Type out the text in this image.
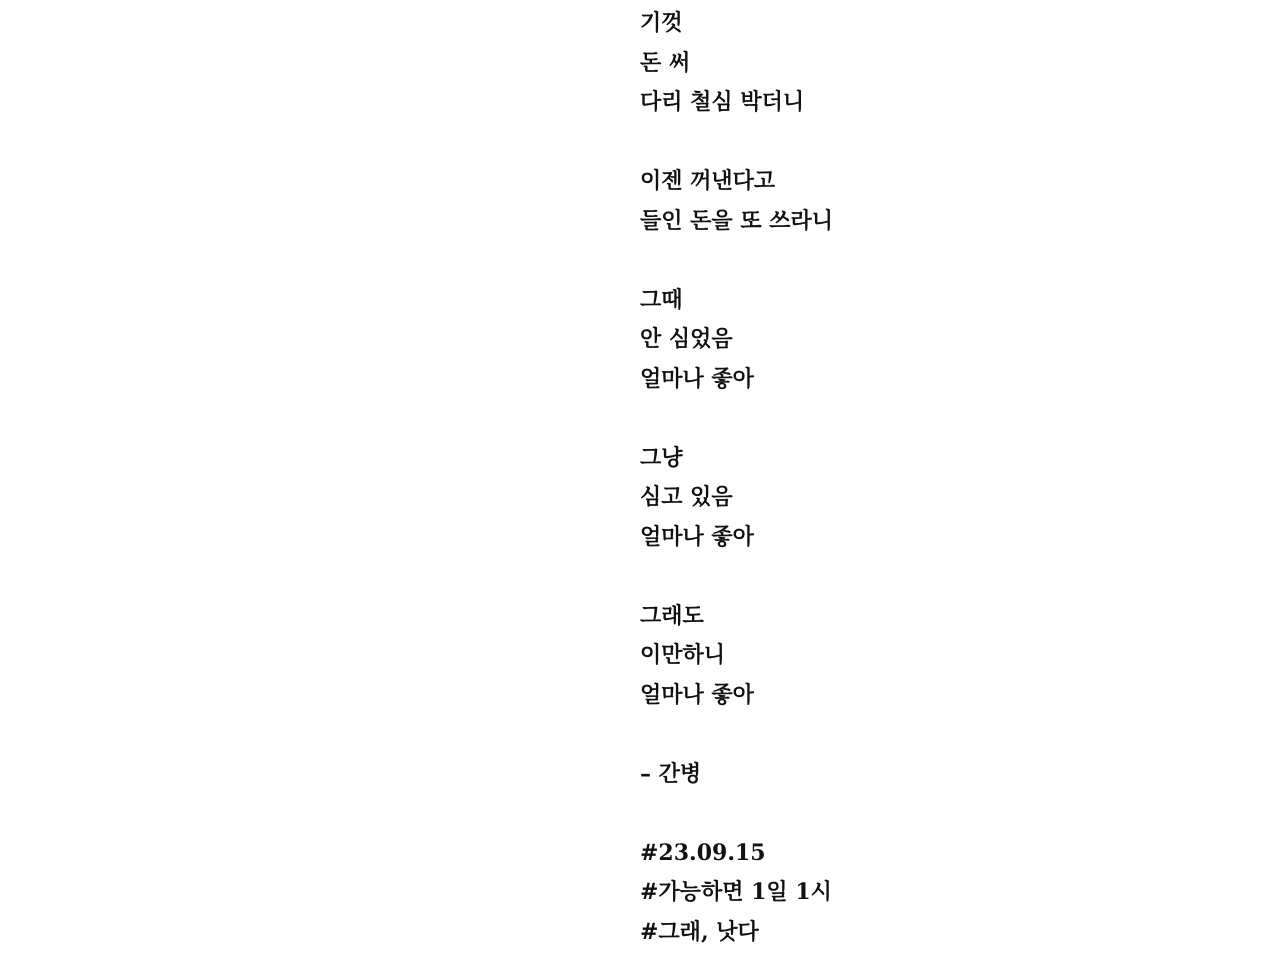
기껏
돈 써
다리 철심 박더니
이젠 꺼낸다고
들인 돈을 또 쓰라니
그때
안 심었음
얼마나 좋아
그냥
심고 있음
얼마나 좋아
그래도
이만하니
얼마나 좋아
– 간병
#23.09.15
#가능하면 1일 1시
#그래, 낫다
